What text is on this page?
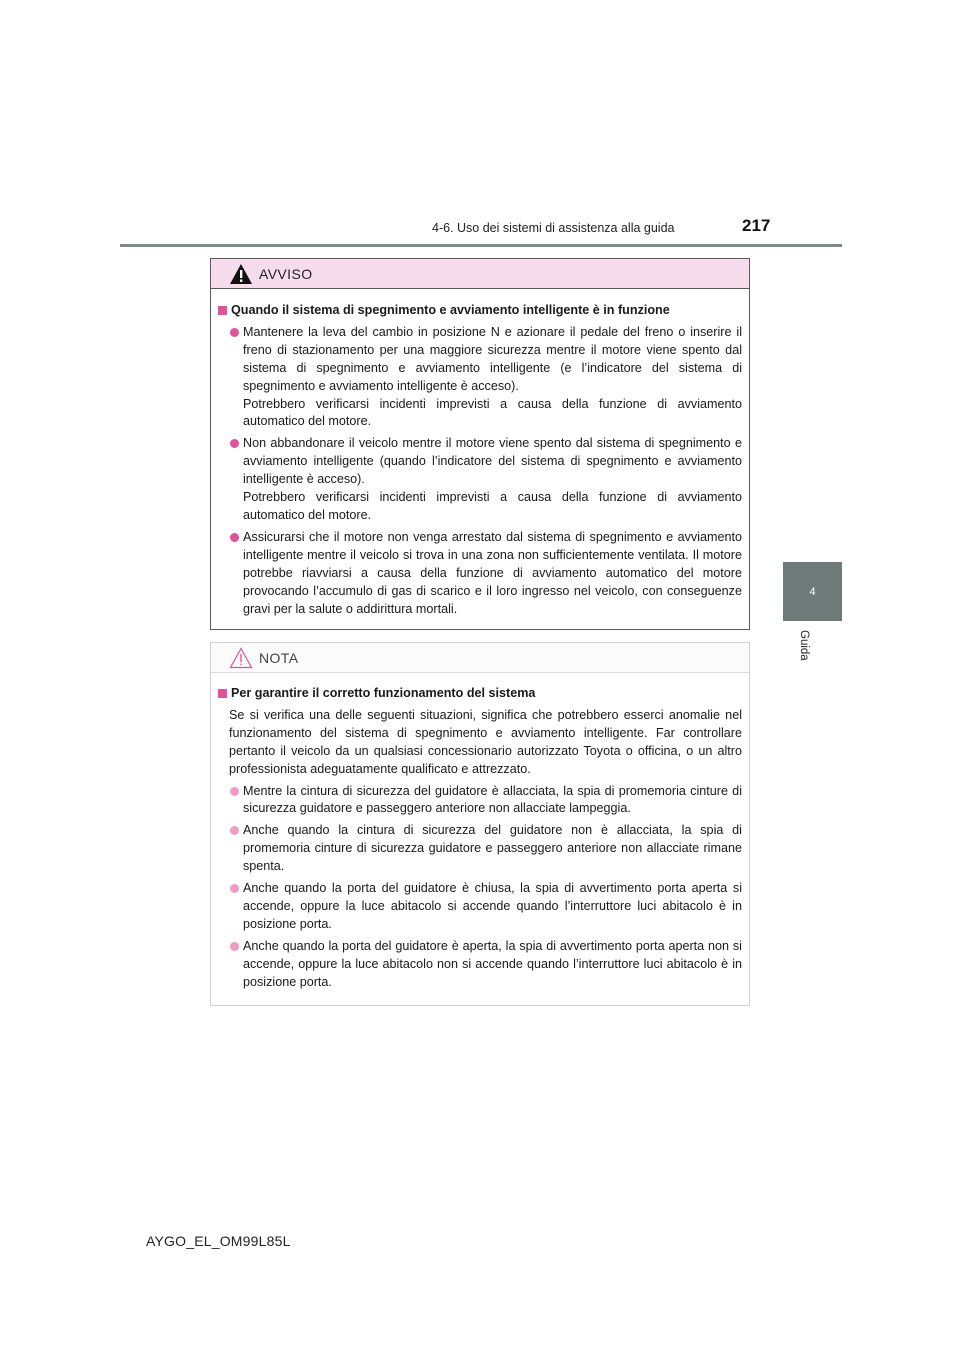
4-6. Uso dei sistemi di assistenza alla guida	217
4
Guida
AVVISO
Quando il sistema di spegnimento e avviamento intelligente è in funzione

Mantenere la leva del cambio in posizione N e azionare il pedale del freno o inserire il freno di stazionamento per una maggiore sicurezza mentre il motore viene spento dal sistema di spegnimento e avviamento intelligente (e l’indicatore del sistema di spegnimento e avviamento intelligente è acceso).

Potrebbero verificarsi incidenti imprevisti a causa della funzione di avviamento automatico del motore.

Non abbandonare il veicolo mentre il motore viene spento dal sistema di spegnimento e avviamento intelligente (quando l’indicatore del sistema di spegnimento e avviamento intelligente è acceso).

Potrebbero verificarsi incidenti imprevisti a causa della funzione di avviamento automatico del motore.

Assicurarsi che il motore non venga arrestato dal sistema di spegnimento e avviamento intelligente mentre il veicolo si trova in una zona non sufficientemente ventilata. Il motore potrebbe riavviarsi a causa della funzione di avviamento automatico del motore provocando l’accumulo di gas di scarico e il loro ingresso nel veicolo, con conseguenze gravi per la salute o addirittura mortali.

NOTA
Per garantire il corretto funzionamento del sistema

Se si verifica una delle seguenti situazioni, significa che potrebbero esserci anomalie nel funzionamento del sistema di spegnimento e avviamento intelligente. Far controllare pertanto il veicolo da un qualsiasi concessionario autorizzato Toyota o officina, o un altro professionista adeguatamente qualificato e attrezzato.

Mentre la cintura di sicurezza del guidatore è allacciata, la spia di promemoria cinture di sicurezza guidatore e passeggero anteriore non allacciate lampeggia.

Anche quando la cintura di sicurezza del guidatore non è allacciata, la spia di promemoria cinture di sicurezza guidatore e passeggero anteriore non allacciate rimane spenta.

Anche quando la porta del guidatore è chiusa, la spia di avvertimento porta aperta si accende, oppure la luce abitacolo si accende quando l’interruttore luci abitacolo è in posizione porta.

Anche quando la porta del guidatore è aperta, la spia di avvertimento porta aperta non si accende, oppure la luce abitacolo non si accende quando l’interruttore luci abitacolo è in posizione porta.

AYGO_EL_OM99L85L
